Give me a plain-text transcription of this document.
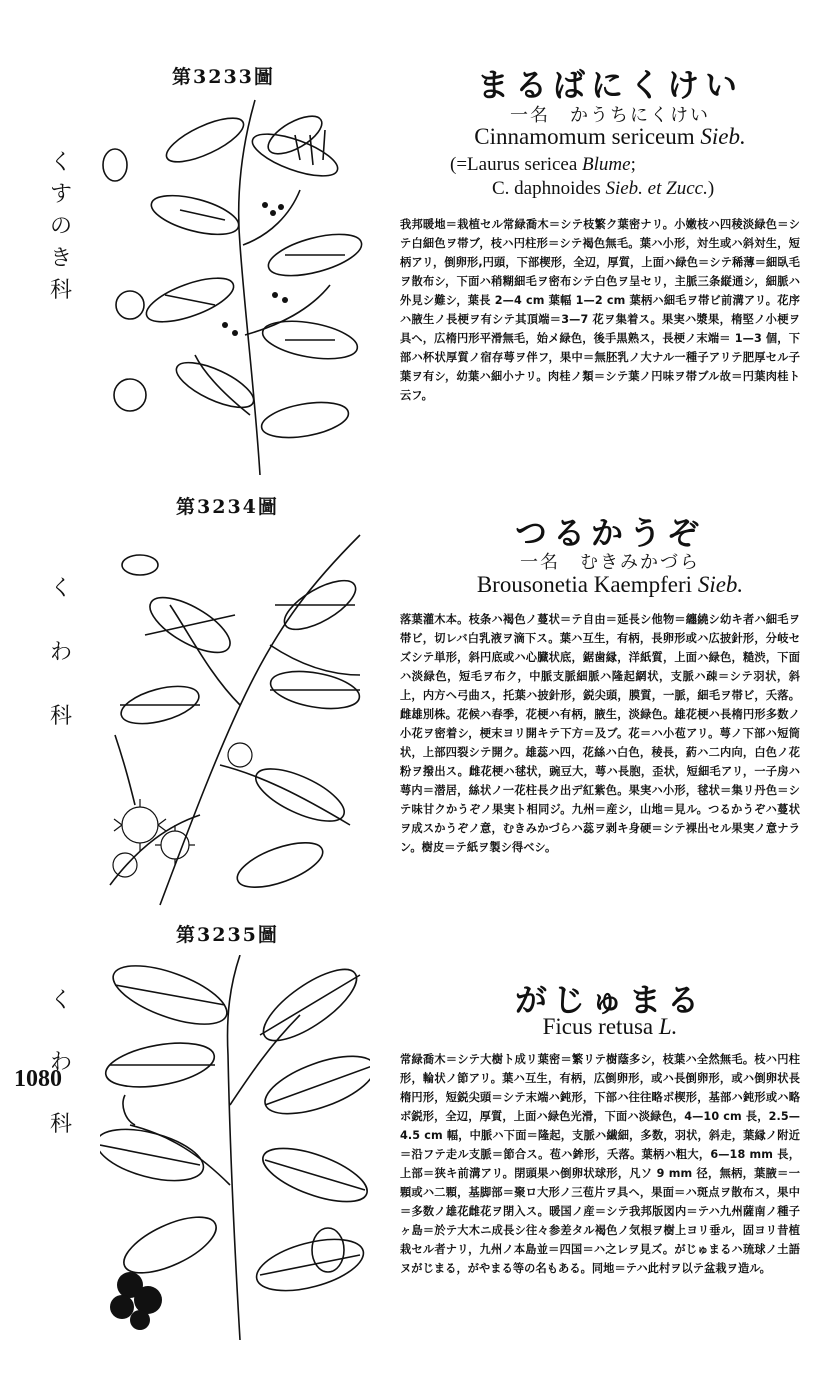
第3233圖
く
す
の
き
科
まるばにくけい
一名　かうちにくけい
Cinnamomum sericeum Sieb.
(=Laurus sericea Blume;
C. daphnoides Sieb. et Zucc.)
我邦暖地＝栽植セル常緑喬木＝シテ枝繁ク葉密ナリ。小嫩枝ハ四稜淡緑色＝シテ白細色ヲ帯ブ，枝ハ円柱形＝シテ褐色無毛。葉ハ小形，対生或ハ斜対生，短柄アリ，倒卵形,円頭，下部楔形，全辺，厚質，上面ハ緑色＝シテ稀薄＝細臥毛ヲ散布シ，下面ハ稍糊細毛ヲ密布シテ白色ヲ呈セリ，主脈三条縦通シ，細脈ハ外見シ難シ，葉長 2—4 cm 葉幅 1—2 cm 葉柄ハ細毛ヲ帯ビ前溝アリ。花序ハ腋生ノ長梗ヲ有シテ其頂端＝3—7 花ヲ集着ス。果実ハ漿果，楕堅ノ小梗ヲ具ヘ，広楕円形平滑無毛，始メ緑色，後手黒熟ス，長梗ノ末端＝ 1—3 個，下部ハ杯状厚質ノ宿存萼ヲ伴フ，果中＝無胚乳ノ大ナル一種子アリテ肥厚セル子葉ヲ有シ，幼葉ハ細小ナリ。肉桂ノ類＝シテ葉ノ円味ヲ帯ブル故＝円葉肉桂ト云フ。
第3234圖
く
わ
科
つるかうぞ
一名　むきみかづら
Brousonetia Kaempferi Sieb.
落葉灌木本。枝条ハ褐色ノ蔓状＝テ自由＝延長シ他物＝纏繞シ幼キ者ハ細毛ヲ帯ビ，切レバ白乳液ヲ滴下ス。葉ハ互生，有柄，長卵形或ハ広披針形，分岐セズシテ単形，斜円底或ハ心臓状底，鋸歯縁，洋紙質，上面ハ緑色，糙渋，下面ハ淡緑色，短毛ヲ布ク，中脈支脈細脈ハ隆起網状，支脈ハ疎＝シテ羽状，斜上，内方ヘ弓曲ス，托葉ハ披針形，鋭尖頭，膜質，一脈，細毛ヲ帯ビ，夭落。雌雄別株。花候ハ春季，花梗ハ有柄，腋生，淡緑色。雄花梗ハ長楕円形多数ノ小花ヲ密着シ，梗末ヨリ開キテ下方＝及ブ。花＝ハ小苞アリ。萼ノ下部ハ短筒状，上部四裂シテ開ク。雄蕊ハ四，花絲ハ白色，稜長，葯ハ二内向，白色ノ花粉ヲ撥出ス。雌花梗ハ毬状，豌豆大，萼ハ長胞，歪状，短細毛アリ，一子房ハ萼内＝潜居，絲状ノ一花柱長ク出デ紅紫色。果実ハ小形，毬状＝集リ丹色＝シテ味甘クかうぞノ果実ト相同ジ。九州＝産シ，山地＝見ル。つるかうぞハ蔓状ヲ成スかうぞノ意，むきみかづらハ蕊ヲ剥キ身硬＝シテ裸出セル果実ノ意ナラン。樹皮＝テ紙ヲ製シ得ベシ。
第3235圖
く
わ
科
がじゅまる
Ficus retusa L.
常緑喬木＝シテ大樹ト成リ葉密＝繁リテ樹蔭多シ，枝葉ハ全然無毛。枝ハ円柱形，輪状ノ節アリ。葉ハ互生，有柄，広倒卵形，或ハ長倒卵形，或ハ倒卵状長楕円形，短鋭尖頭＝シテ末端ハ鈍形，下部ハ往往略ボ楔形，基部ハ鈍形或ハ略ボ鋭形，全辺，厚質，上面ハ緑色光滑，下面ハ淡緑色，4—10 cm 長，2.5—4.5 cm 幅，中脈ハ下面＝隆起，支脈ハ繊細，多数，羽状，斜走，葉縁ノ附近＝沿フテ走ル支脈＝節合ス。苞ハ鉾形，夭落。葉柄ハ粗大，6—18 mm 長，上部＝狭キ前溝アリ。閉頭果ハ倒卵状球形，凡ソ 9 mm 径，無柄，葉腋＝一顆或ハ二顆，基脚部＝聚ロ大形ノ三苞片ヲ具ヘ，果面＝ハ斑点ヲ散布ス，果中＝多数ノ雄花雌花ヲ閉入ス。暖国ノ産＝シテ我邦版図内＝テハ九州薩南ノ種子ヶ島＝於テ大木ニ成長シ往々参差タル褐色ノ気根ヲ樹上ヨリ垂ル，固ヨリ昔植栽セル者ナリ，九州ノ本島並＝四国＝ハ之レヲ見ズ。がじゅまるハ琉球ノ土語ヌがじまる，がやまる等の名もある。同地＝テハ此村ヲ以テ盆栽ヲ造ル。
1080
